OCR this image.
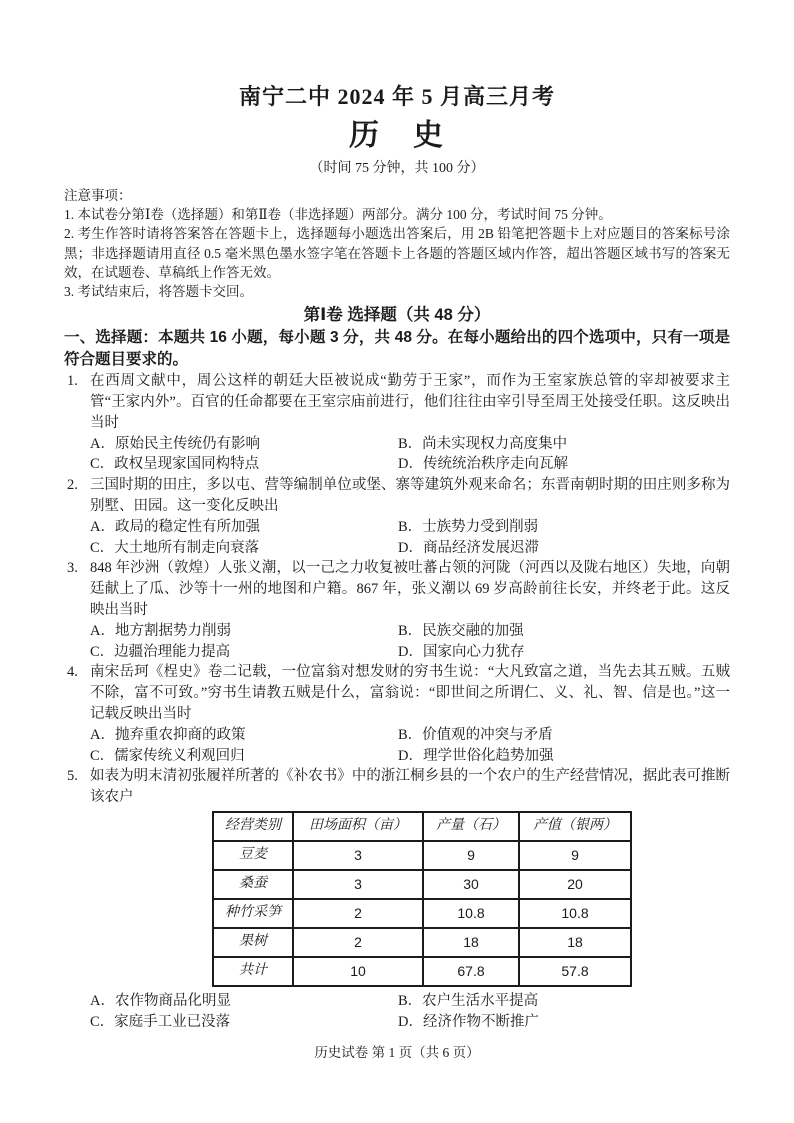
南宁二中 2024 年 5 月高三月考
历　史
（时间 75 分钟，共 100 分）

注意事项：

1. 本试卷分第Ⅰ卷（选择题）和第Ⅱ卷（非选择题）两部分。满分 100 分，考试时间 75 分钟。

2. 考生作答时请将答案答在答题卡上，选择题每小题选出答案后，用 2B 铅笔把答题卡上对应题目的答案标号涂黑；非选择题请用直径 0.5 毫米黑色墨水签字笔在答题卡上各题的答题区域内作答，超出答题区域书写的答案无效，在试题卷、草稿纸上作答无效。

3. 考试结束后，将答题卡交回。

第Ⅰ卷 选择题（共 48 分）

一、选择题：本题共 16 小题，每小题 3 分，共 48 分。在每小题给出的四个选项中，只有一项是符合题目要求的。

1. 在西周文献中，周公这样的朝廷大臣被说成“勤劳于王家”，而作为王室家族总管的宰却被要求主管“王家内外”。百官的任命都要在王室宗庙前进行，他们往往由宰引导至周王处接受任职。这反映出当时
A．原始民主传统仍有影响	B．尚未实现权力高度集中
C．政权呈现家国同构特点	D．传统统治秩序走向瓦解
2. 三国时期的田庄，多以屯、营等编制单位或堡、寨等建筑外观来命名；东晋南朝时期的田庄则多称为别墅、田园。这一变化反映出
A．政局的稳定性有所加强	B．士族势力受到削弱
C．大土地所有制走向衰落	D．商品经济发展迟滞
3. 848 年沙洲（敦煌）人张义潮，以一己之力收复被吐蕃占领的河陇（河西以及陇右地区）失地，向朝廷献上了瓜、沙等十一州的地图和户籍。867 年，张义潮以 69 岁高龄前往长安，并终老于此。这反映出当时
A．地方割据势力削弱	B．民族交融的加强
C．边疆治理能力提高	D．国家向心力犹存
4. 南宋岳珂《桯史》卷二记载，一位富翁对想发财的穷书生说：“大凡致富之道，当先去其五贼。五贼不除，富不可致。”穷书生请教五贼是什么，富翁说：“即世间之所谓仁、义、礼、智、信是也。”这一记载反映出当时
A．抛弃重农抑商的政策	B．价值观的冲突与矛盾
C．儒家传统义利观回归	D．理学世俗化趋势加强
5. 如表为明末清初张履祥所著的《补农书》中的浙江桐乡县的一个农户的生产经营情况，据此表可推断该农户
经营类别	田场面积（亩）	产量（石）	产值（银两）
豆麦	3	9	9
桑蚕	3	30	20
种竹采笋	2	10.8	10.8
果树	2	18	18
共计	10	67.8	57.8
A．农作物商品化明显	B．农户生活水平提高
C．家庭手工业已没落	D．经济作物不断推广
历史试卷 第 1 页（共 6 页）
